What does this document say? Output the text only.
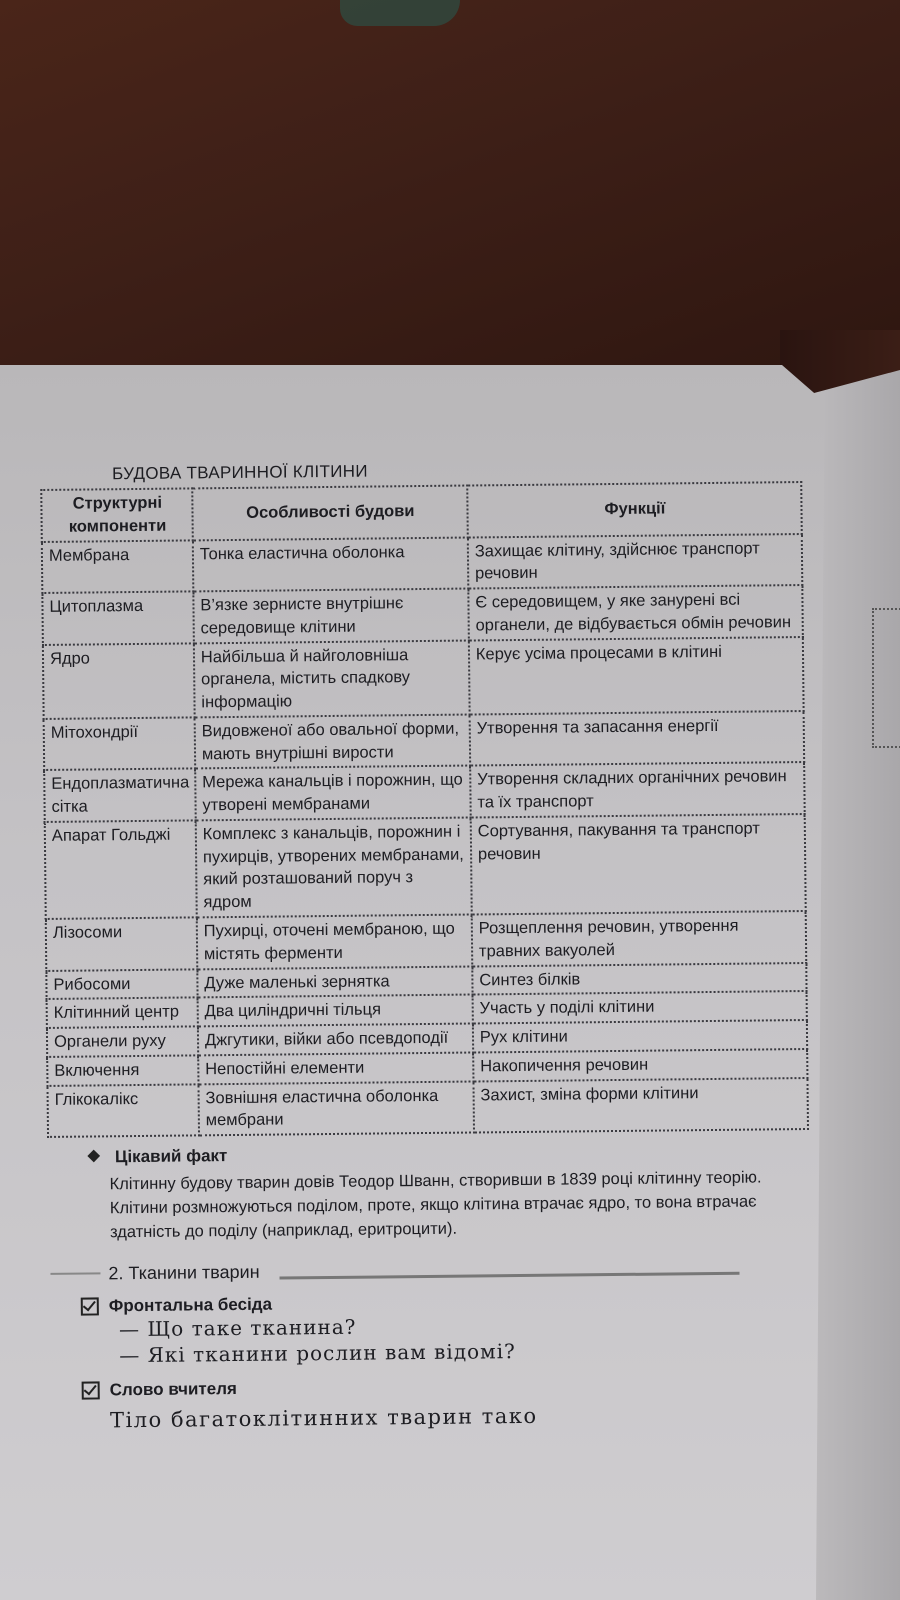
БУДОВА ТВАРИННОЇ КЛІТИНИ
Структурні компоненти	Особливості будови	Функції
Мембрана	Тонка еластична оболонка	Захищає клітину, здійснює транспорт речовин
Цитоплазма	В’язке зернисте внутрішнє середовище клітини	Є середовищем, у яке занурені всі органели, де відбувається обмін речовин
Ядро	Найбільша й найголовніша органела, містить спадкову інформацію	Керує усіма процесами в клітині
Мітохондрії	Видовженої або овальної форми, мають внутрішні вирости	Утворення та запасання енергії
Ендоплазматична сітка	Мережа канальців і порожнин, що утворені мембранами	Утворення складних органічних речовин та їх транспорт
Апарат Гольджі	Комплекс з канальців, порожнин і пухирців, утворених мембранами, який розташований поруч з ядром	Сортування, пакування та транспорт речовин
Лізосоми	Пухирці, оточені мембраною, що містять ферменти	Розщеплення речовин, утворення травних вакуолей
Рибосоми	Дуже маленькі зернятка	Синтез білків
Клітинний центр	Два циліндричні тільця	Участь у поділі клітини
Органели руху	Джгутики, війки або псевдоподії	Рух клітини
Включення	Непостійні елементи	Накопичення речовин
Глікокалікс	Зовнішня еластична оболонка мембрани	Захист, зміна форми клітини
Цікавий факт
Клітинну будову тварин довів Теодор Шванн, створивши в 1839 році клітинну теорію. Клітини розмножуються поділом, проте, якщо клітина втрачає ядро, то вона втрачає здатність до поділу (наприклад, еритроцити).
2. Тканини тварин
Фронтальна бесіда
— Що таке тканина?
— Які тканини рослин вам відомі?
Слово вчителя
Тіло багатоклітинних тварин тако
